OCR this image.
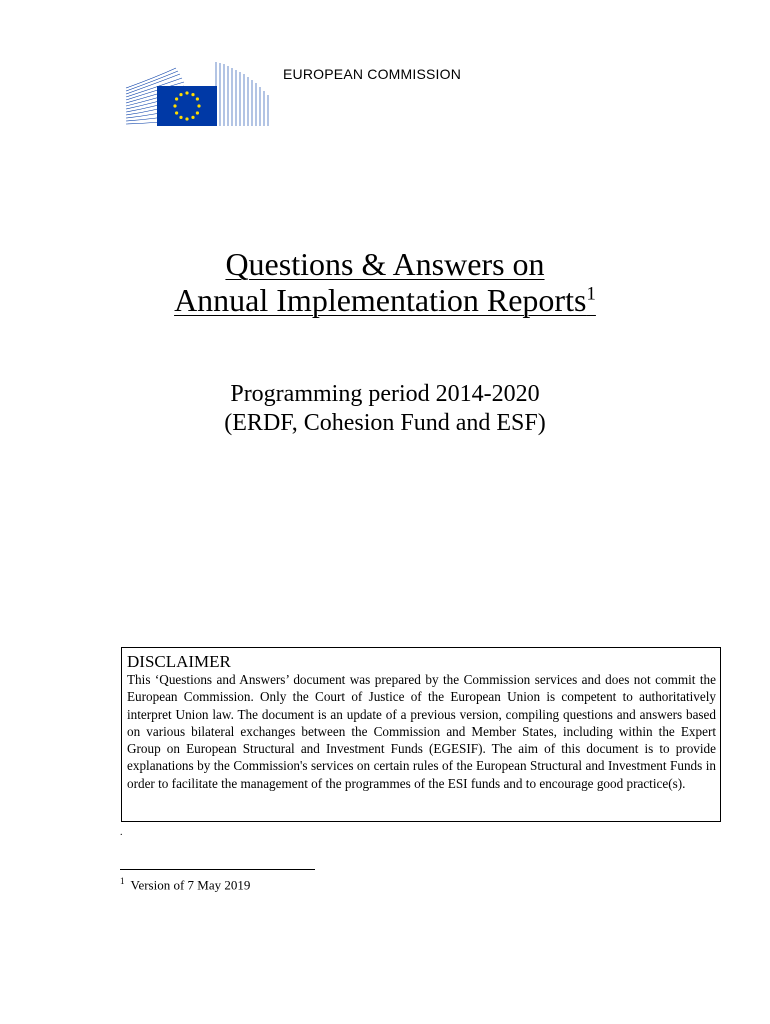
EUROPEAN COMMISSION
Questions & Answers on
Annual Implementation Reports$^1$
Programming period 2014-2020
(ERDF, Cohesion Fund and ESF)
DISCLAIMER
This ‘Questions and Answers’ document was prepared by the Commission services and does not commit the European Commission. Only the Court of Justice of the European Union is competent to authoritatively interpret Union law. The document is an update of a previous version, compiling questions and answers based on various bilateral exchanges between the Commission and Member States, including within the Expert Group on European Structural and Investment Funds (EGESIF). The aim of this document is to provide explanations by the Commission's services on certain rules of the European Structural and Investment Funds in order to facilitate the management of the programmes of the ESI funds and to encourage good practice(s).
.
$^1$ Version of 7 May 2019
